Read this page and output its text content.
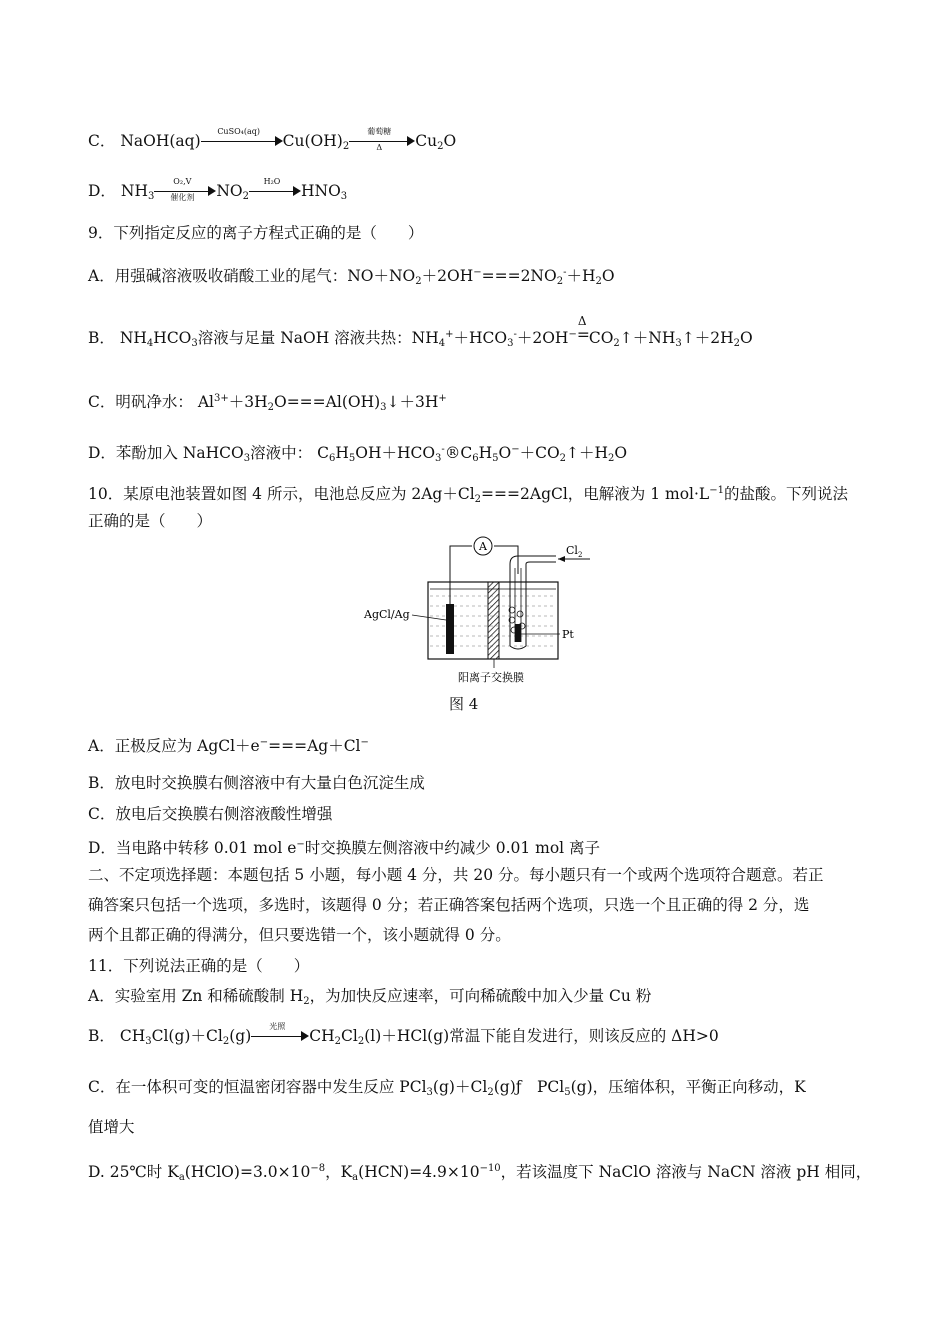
C． NaOH(aq)
CuSO₄(aq)
$Cu(OH)_2$
葡萄糖
Δ	$Cu_2O$
D． $NH_3$
O₂,V
催化剂	$NO_2$
H₂O
$HNO_3$
9．下列指定反应的离子方程式正确的是（　　）
A．用强碱溶液吸收硝酸工业的尾气：$NO+NO_2+2OH^-===2NO_2^-+H_2O$
B． $NH_4HCO_3$溶液与足量 NaOH 溶液共热：$NH_4^++HCO_3^-+2OH^-$
Δ
= $CO_2↑+NH_3↑+2H_2O$
C．明矾净水： $Al^{3+}+3H_2O===Al(OH)_3↓+3H^+$
D．苯酚加入 NaHCO$_3$溶液中： $C_6H_5OH+HCO_3^-®C_6H_5O^-+CO_2↑+H_2O$
10．某原电池装置如图 4 所示，电池总反应为 $2Ag+Cl_2===2AgCl$，电解液为 1 $mol\cdot L^{-1}$的盐酸。下列说法
正确的是（　　）
A	$Cl_2$
AgCl/Ag
Pt
阳离子交换膜
图 4
A．正极反应为 AgCl＋e−===Ag＋Cl−
B．放电时交换膜右侧溶液中有大量白色沉淀生成
C．放电后交换膜右侧溶液酸性增强
D．当电路中转移 0.01 mol e−时交换膜左侧溶液中约减少 0.01 mol 离子
二、不定项选择题：本题包括 5 小题，每小题 4 分，共 20 分。每小题只有一个或两个选项符合题意。若正
确答案只包括一个选项，多选时，该题得 0 分；若正确答案包括两个选项，只选一个且正确的得 2 分，选
两个且都正确的得满分，但只要选错一个，该小题就得 0 分。
11．下列说法正确的是（　　）
A．实验室用 Zn 和稀硫酸制 $H_2$，为加快反应速率，可向稀硫酸中加入少量 Cu 粉
B． $CH_3Cl(g)+Cl_2(g)$
光照
$CH_2Cl_2(l)+HCl(g)$常温下能自发进行，则该反应的 ΔH>0
C．在一体积可变的恒温密闭容器中发生反应 $PCl_3(g)+Cl_2(g)ƒ$　PCl$_5$(g)，压缩体积，平衡正向移动，K
值增大
D. 25℃时 $K_a(HClO)=3.0\times 10^{-8}$，$K_a(HCN)=4.9\times 10^{-10}$，若该温度下 NaClO 溶液与 NaCN 溶液 pH 相同，
